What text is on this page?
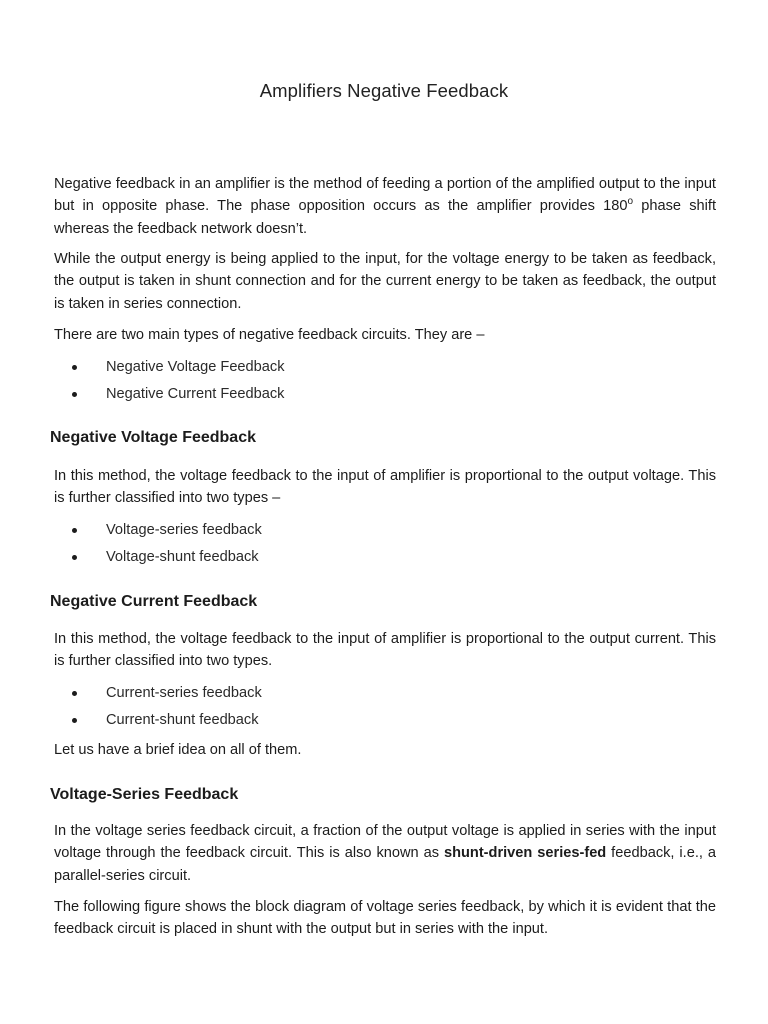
Amplifiers Negative Feedback

Negative feedback in an amplifier is the method of feeding a portion of the amplified output to the input but in opposite phase. The phase opposition occurs as the amplifier provides 180$^o$ phase shift whereas the feedback network doesn’t.

While the output energy is being applied to the input, for the voltage energy to be taken as feedback, the output is taken in shunt connection and for the current energy to be taken as feedback, the output is taken in series connection.

There are two main types of negative feedback circuits. They are –

Negative Voltage Feedback
Negative Current Feedback
Negative Voltage Feedback

In this method, the voltage feedback to the input of amplifier is proportional to the output voltage. This is further classified into two types –

Voltage-series feedback
Voltage-shunt feedback
Negative Current Feedback

In this method, the voltage feedback to the input of amplifier is proportional to the output current. This is further classified into two types.

Current-series feedback
Current-shunt feedback

Let us have a brief idea on all of them.

Voltage-Series Feedback

In the voltage series feedback circuit, a fraction of the output voltage is applied in series with the input voltage through the feedback circuit. This is also known as shunt-driven series-fed feedback, i.e., a parallel-series circuit.

The following figure shows the block diagram of voltage series feedback, by which it is evident that the feedback circuit is placed in shunt with the output but in series with the input.
